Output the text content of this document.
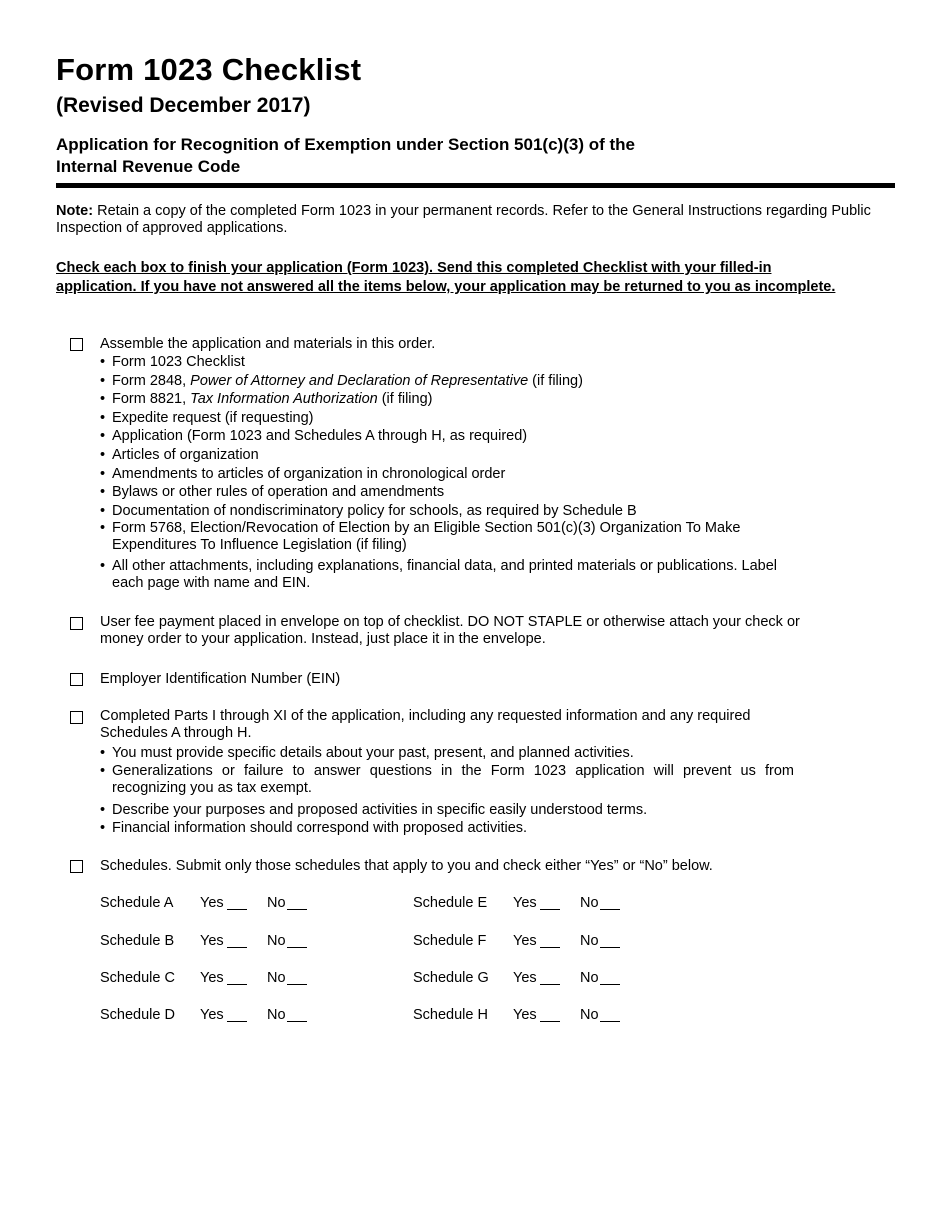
Form 1023 Checklist
(Revised December 2017)
Application for Recognition of Exemption under Section 501(c)(3) of the
Internal Revenue Code
Note: Retain a copy of the completed Form 1023 in your permanent records. Refer to the General Instructions regarding Public Inspection of approved applications.
Check each box to finish your application (Form 1023). Send this completed Checklist with your filled-in application. If you have not answered all the items below, your application may be returned to you as incomplete.
Assemble the application and materials in this order.
• Form 1023 Checklist
• Form 2848, Power of Attorney and Declaration of Representative (if filing)
• Form 8821, Tax Information Authorization (if filing)
• Expedite request (if requesting)
• Application (Form 1023 and Schedules A through H, as required)
• Articles of organization
• Amendments to articles of organization in chronological order
• Bylaws or other rules of operation and amendments
• Documentation of nondiscriminatory policy for schools, as required by Schedule B
• Form 5768, Election/Revocation of Election by an Eligible Section 501(c)(3) Organization To Make Expenditures To Influence Legislation (if filing)
• All other attachments, including explanations, financial data, and printed materials or publications. Label each page with name and EIN.
User fee payment placed in envelope on top of checklist. DO NOT STAPLE or otherwise attach your check or money order to your application. Instead, just place it in the envelope.
Employer Identification Number (EIN)
Completed Parts I through XI of the application, including any requested information and any required Schedules A through H.
• You must provide specific details about your past, present, and planned activities.
• Generalizations or failure to answer questions in the Form 1023 application will prevent us from recognizing you as tax exempt.
• Describe your purposes and proposed activities in specific easily understood terms.
• Financial information should correspond with proposed activities.
Schedules. Submit only those schedules that apply to you and check either “Yes” or “No” below.
Schedule A Yes	No	Schedule E Yes	No
Schedule B Yes	No	Schedule F Yes	No
Schedule C Yes	No	Schedule G Yes	No
Schedule D Yes	No	Schedule H Yes	No
